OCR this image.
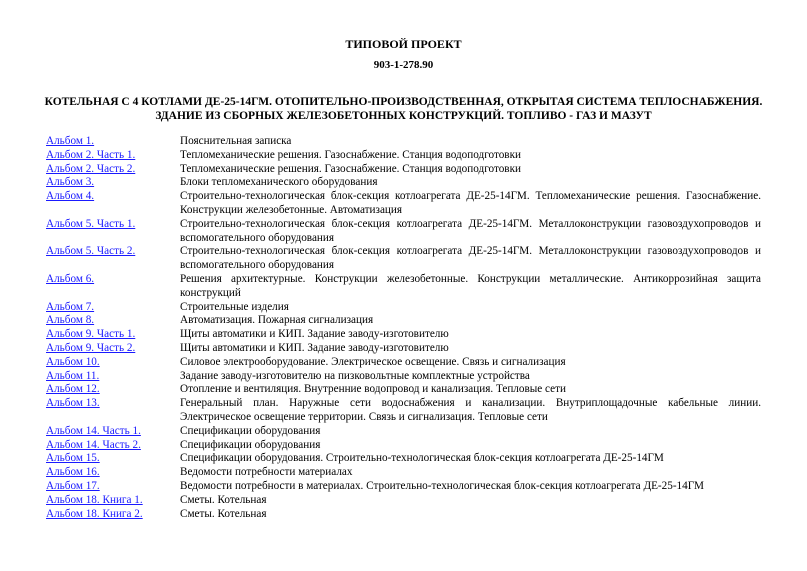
ТИПОВОЙ ПРОЕКТ
903-1-278.90
КОТЕЛЬНАЯ С 4 КОТЛАМИ ДЕ-25-14ГМ. ОТОПИТЕЛЬНО-ПРОИЗВОДСТВЕННАЯ, ОТКРЫТАЯ СИСТЕМА ТЕПЛОСНАБЖЕНИЯ.
ЗДАНИЕ ИЗ СБОРНЫХ ЖЕЛЕЗОБЕТОННЫХ КОНСТРУКЦИЙ. ТОПЛИВО - ГАЗ И МАЗУТ
Альбом 1.	Пояснительная записка
Альбом 2. Часть 1.	Тепломеханические решения. Газоснабжение. Станция водоподготовки
Альбом 2. Часть 2.	Тепломеханические решения. Газоснабжение. Станция водоподготовки
Альбом 3.	Блоки тепломеханического оборудования
Альбом 4.	Строительно-технологическая блок-секция котлоагрегата ДЕ-25-14ГМ. Тепломеханические решения. Газоснабжение. Конструкции железобетонные. Автоматизация
Альбом 5. Часть 1.	Строительно-технологическая блок-секция котлоагрегата ДЕ-25-14ГМ. Металлоконструкции газовоздухопроводов и вспомогательного оборудования
Альбом 5. Часть 2.	Строительно-технологическая блок-секция котлоагрегата ДЕ-25-14ГМ. Металлоконструкции газовоздухопроводов и вспомогательного оборудования
Альбом 6.	Решения архитектурные. Конструкции железобетонные. Конструкции металлические. Антикоррозийная защита конструкций
Альбом 7.	Строительные изделия
Альбом 8.	Автоматизация. Пожарная сигнализация
Альбом 9. Часть 1.	Щиты автоматики и КИП. Задание заводу-изготовителю
Альбом 9. Часть 2.	Щиты автоматики и КИП. Задание заводу-изготовителю
Альбом 10.	Силовое электрооборудование. Электрическое освещение. Связь и сигнализация
Альбом 11.	Задание заводу-изготовителю на пизковольтные комплектные устройства
Альбом 12.	Отопление и вентиляция. Внутренние водопровод и канализация. Тепловые сети
Альбом 13.	Генеральный план. Наружные сети водоснабжения и канализации. Внутриплощадочные кабельные линии. Электрическое освещение территории. Связь и сигнализация. Тепловые сети
Альбом 14. Часть 1.	Спецификации оборудования
Альбом 14. Часть 2.	Спецификации оборудования
Альбом 15.	Спецификации оборудования. Строительно-технологическая блок-секция котлоагрегата ДЕ-25-14ГМ
Альбом 16.	Ведомости потребности материалах
Альбом 17.	Ведомости потребности в материалах. Строительно-технологическая блок-секция котлоагрегата ДЕ-25-14ГМ
Альбом 18. Книга 1.	Сметы. Котельная
Альбом 18. Книга 2.	Сметы. Котельная
